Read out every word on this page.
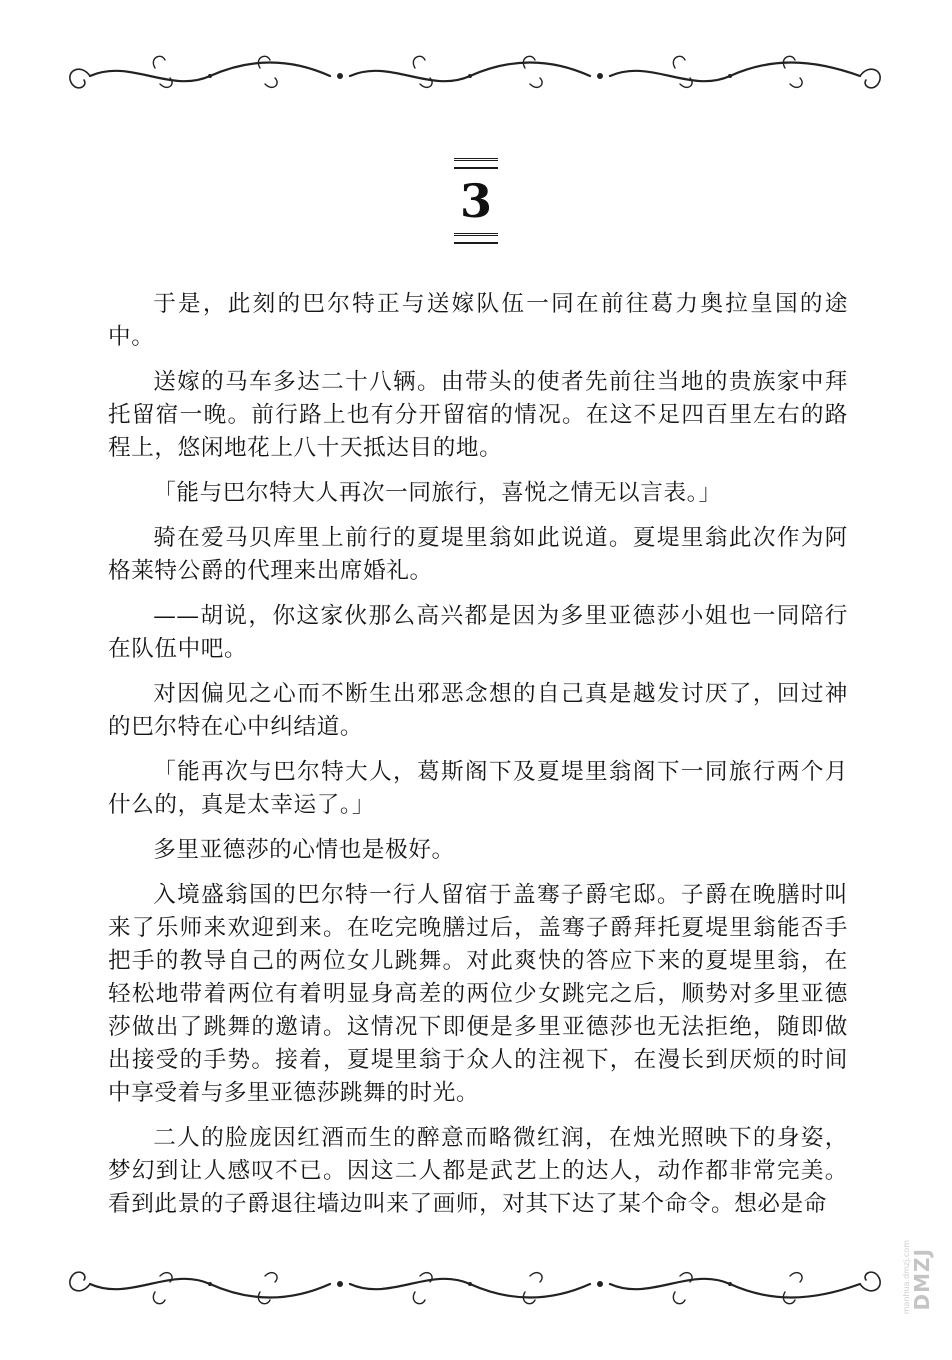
3

于是，此刻的巴尔特正与送嫁队伍一同在前往葛力奥拉皇国的途中。

送嫁的马车多达二十八辆。由带头的使者先前往当地的贵族家中拜托留宿一晚。前行路上也有分开留宿的情况。在这不足四百里左右的路程上，悠闲地花上八十天抵达目的地。

「能与巴尔特大人再次一同旅行，喜悦之情无以言表。」

骑在爱马贝库里上前行的夏堤里翁如此说道。夏堤里翁此次作为阿格莱特公爵的代理来出席婚礼。

——胡说，你这家伙那么高兴都是因为多里亚德莎小姐也一同陪行在队伍中吧。

对因偏见之心而不断生出邪恶念想的自己真是越发讨厌了，回过神的巴尔特在心中纠结道。

「能再次与巴尔特大人，葛斯阁下及夏堤里翁阁下一同旅行两个月什么的，真是太幸运了。」

多里亚德莎的心情也是极好。

入境盛翁国的巴尔特一行人留宿于盖骞子爵宅邸。子爵在晚膳时叫来了乐师来欢迎到来。在吃完晚膳过后，盖骞子爵拜托夏堤里翁能否手把手的教导自己的两位女儿跳舞。对此爽快的答应下来的夏堤里翁，在轻松地带着两位有着明显身高差的两位少女跳完之后，顺势对多里亚德莎做出了跳舞的邀请。这情况下即便是多里亚德莎也无法拒绝，随即做出接受的手势。接着，夏堤里翁于众人的注视下，在漫长到厌烦的时间中享受着与多里亚德莎跳舞的时光。

二人的脸庞因红酒而生的醉意而略微红润，在烛光照映下的身姿，梦幻到让人感叹不已。因这二人都是武艺上的达人，动作都非常完美。看到此景的子爵退往墙边叫来了画师，对其下达了某个命令。想必是命

manhua.dmzj.com DMZJ
